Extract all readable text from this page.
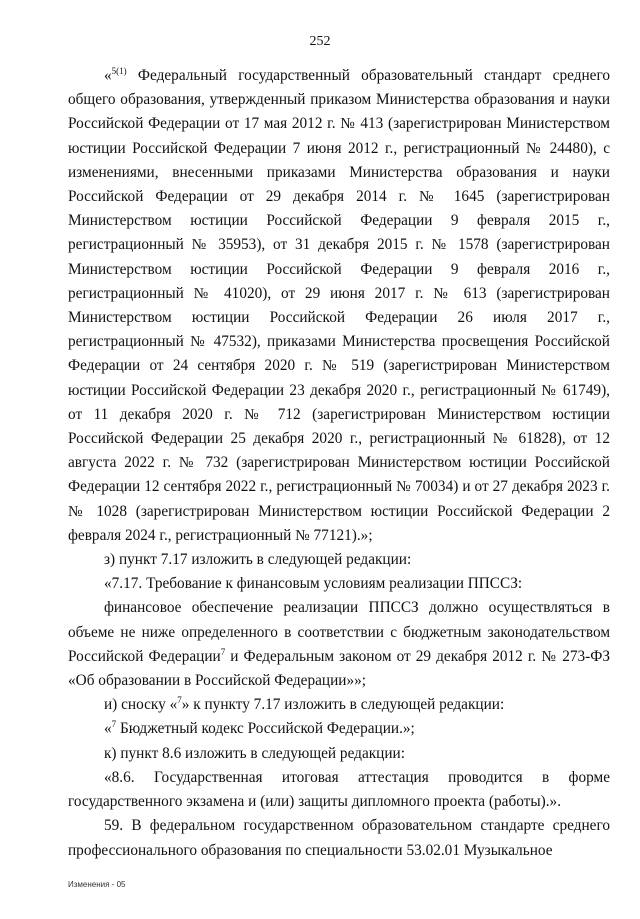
252

«$^{5(1)}$ Федеральный государственный образовательный стандарт среднего общего образования, утвержденный приказом Министерства образования и науки Российской Федерации от 17 мая 2012 г. № 413 (зарегистрирован Министерством юстиции Российской Федерации 7 июня 2012 г., регистрационный № 24480), с изменениями, внесенными приказами Министерства образования и науки Российской Федерации от 29 декабря 2014 г. № 1645 (зарегистрирован Министерством юстиции Российской Федерации 9 февраля 2015 г., регистрационный № 35953), от 31 декабря 2015 г. № 1578 (зарегистрирован Министерством юстиции Российской Федерации 9 февраля 2016 г., регистрационный № 41020), от 29 июня 2017 г. № 613 (зарегистрирован Министерством юстиции Российской Федерации 26 июля 2017 г., регистрационный № 47532), приказами Министерства просвещения Российской Федерации от 24 сентября 2020 г. № 519 (зарегистрирован Министерством юстиции Российской Федерации 23 декабря 2020 г., регистрационный № 61749), от 11 декабря 2020 г. № 712 (зарегистрирован Министерством юстиции Российской Федерации 25 декабря 2020 г., регистрационный № 61828), от 12 августа 2022 г. № 732 (зарегистрирован Министерством юстиции Российской Федерации 12 сентября 2022 г., регистрационный № 70034) и от 27 декабря 2023 г. № 1028 (зарегистрирован Министерством юстиции Российской Федерации 2 февраля 2024 г., регистрационный № 77121).»;

з) пункт 7.17 изложить в следующей редакции:

«7.17. Требование к финансовым условиям реализации ППССЗ:

финансовое обеспечение реализации ППССЗ должно осуществляться в объеме не ниже определенного в соответствии с бюджетным законодательством Российской Федерации$^7$ и Федеральным законом от 29 декабря 2012 г. № 273-ФЗ «Об образовании в Российской Федерации»»;

и) сноску «$^7$» к пункту 7.17 изложить в следующей редакции:

«$^7$ Бюджетный кодекс Российской Федерации.»;

к) пункт 8.6 изложить в следующей редакции:

«8.6. Государственная итоговая аттестация проводится в форме государственного экзамена и (или) защиты дипломного проекта (работы).».

59. В федеральном государственном образовательном стандарте среднего профессионального образования по специальности 53.02.01 Музыкальное

Изменения - 05
